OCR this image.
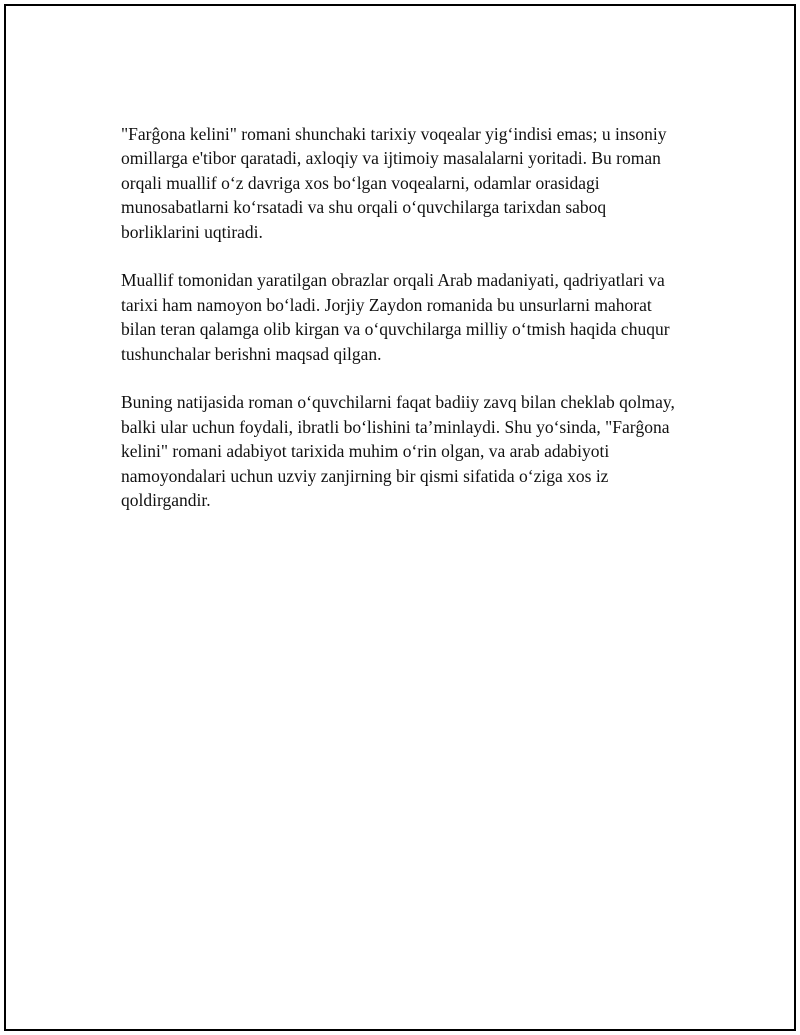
"Farĝona kelini" romani shunchaki tarixiy voqealar yigʻindisi emas; u insoniy omillarga e'tibor qaratadi, axloqiy va ijtimoiy masalalarni yoritadi. Bu roman orqali muallif oʻz davriga xos boʻlgan voqealarni, odamlar orasidagi munosabatlarni koʻrsatadi va shu orqali oʻquvchilarga tarixdan saboq borliklarini uqtiradi.

Muallif tomonidan yaratilgan obrazlar orqali Arab madaniyati, qadriyatlari va tarixi ham namoyon boʻladi. Jorjiy Zaydon romanida bu unsurlarni mahorat bilan teran qalamga olib kirgan va oʻquvchilarga milliy oʻtmish haqida chuqur tushunchalar berishni maqsad qilgan.

Buning natijasida roman oʻquvchilarni faqat badiiy zavq bilan cheklab qolmay, balki ular uchun foydali, ibratli boʻlishini ta’minlaydi. Shu yoʻsinda, "Farĝona kelini" romani adabiyot tarixida muhim oʻrin olgan, va arab adabiyoti namoyondalari uchun uzviy zanjirning bir qismi sifatida oʻziga xos iz qoldirgandir.
